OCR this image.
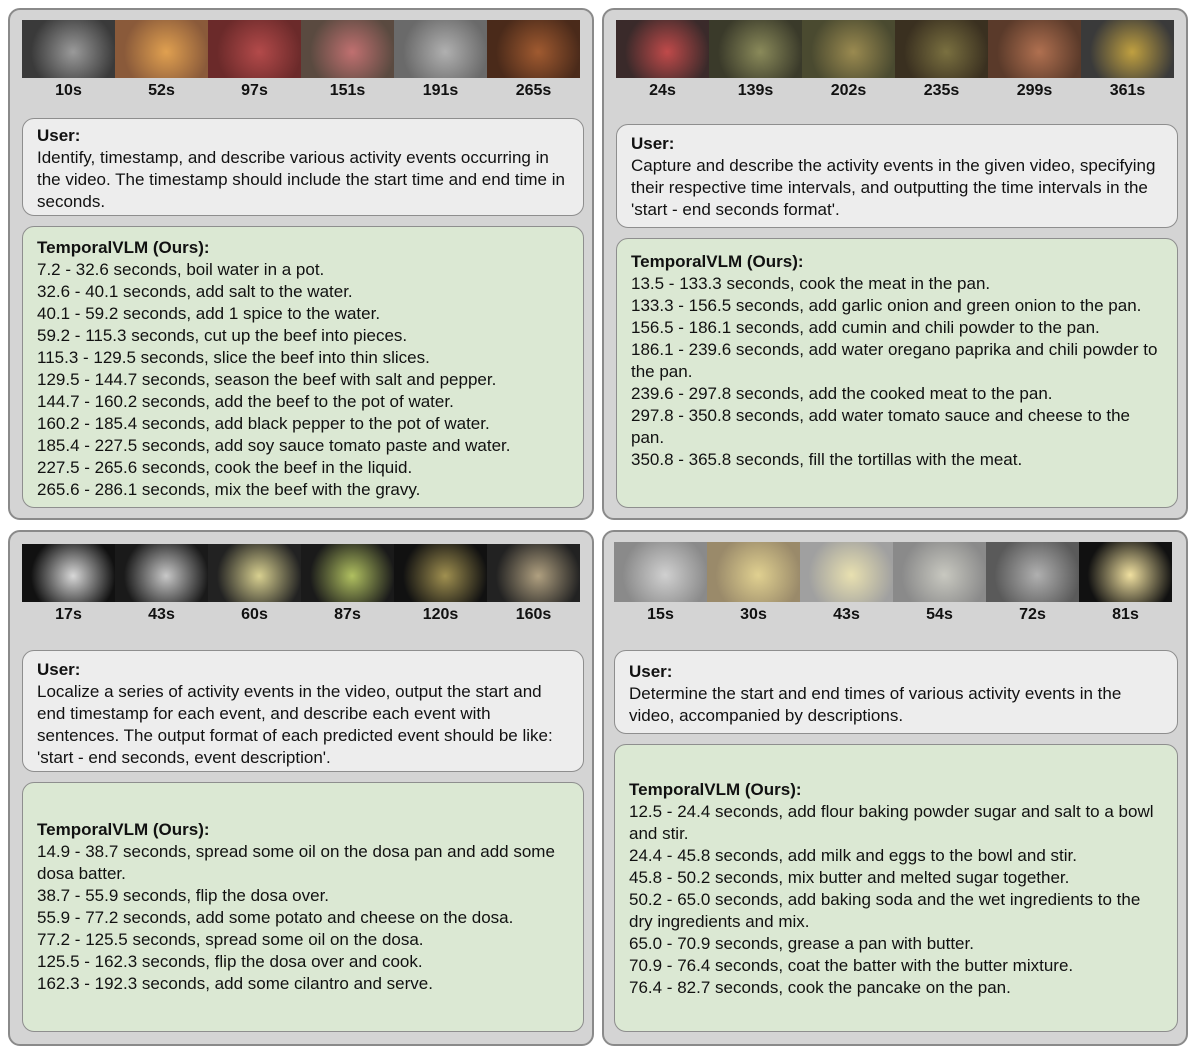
10s	52s	97s	151s	191s	265s
User:
Identify, timestamp, and describe various activity events occurring in the video. The timestamp should include the start time and end time in seconds.
TemporalVLM (Ours):
7.2 - 32.6 seconds, boil water in a pot.
32.6 - 40.1 seconds, add salt to the water.
40.1 - 59.2 seconds, add 1 spice to the water.
59.2 - 115.3 seconds, cut up the beef into pieces.
115.3 - 129.5 seconds, slice the beef into thin slices.
129.5 - 144.7 seconds, season the beef with salt and pepper.
144.7 - 160.2 seconds, add the beef to the pot of water.
160.2 - 185.4 seconds, add black pepper to the pot of water.
185.4 - 227.5 seconds, add soy sauce tomato paste and water.
227.5 - 265.6 seconds, cook the beef in the liquid.
265.6 - 286.1 seconds, mix the beef with the gravy.
24s	139s	202s	235s	299s	361s
User:
Capture and describe the activity events in the given video, specifying their respective time intervals, and outputting the time intervals in the 'start - end seconds format'.
TemporalVLM (Ours):
13.5 - 133.3 seconds, cook the meat in the pan.
133.3 - 156.5 seconds, add garlic onion and green onion to the pan.
156.5 - 186.1 seconds, add cumin and chili powder to the pan.
186.1 - 239.6 seconds, add water oregano paprika and chili powder to the pan.
239.6 - 297.8 seconds, add the cooked meat to the pan.
297.8 - 350.8 seconds, add water tomato sauce and cheese to the pan.
350.8 - 365.8 seconds, fill the tortillas with the meat.
17s	43s	60s	87s	120s	160s
User:
Localize a series of activity events in the video, output the start and end timestamp for each event, and describe each event with sentences. The output format of each predicted event should be like: 'start - end seconds, event description'.
TemporalVLM (Ours):
14.9 - 38.7 seconds, spread some oil on the dosa pan and add some dosa batter.
38.7 - 55.9 seconds, flip the dosa over.
55.9 - 77.2 seconds, add some potato and cheese on the dosa.
77.2 - 125.5 seconds, spread some oil on the dosa.
125.5 - 162.3 seconds, flip the dosa over and cook.
162.3 - 192.3 seconds, add some cilantro and serve.
15s	30s	43s	54s	72s	81s
User:
Determine the start and end times of various activity events in the video, accompanied by descriptions.
TemporalVLM (Ours):
12.5 - 24.4 seconds, add flour baking powder sugar and salt to a bowl and stir.
24.4 - 45.8 seconds, add milk and eggs to the bowl and stir.
45.8 - 50.2 seconds, mix butter and melted sugar together.
50.2 - 65.0 seconds, add baking soda and the wet ingredients to the dry ingredients and mix.
65.0 - 70.9 seconds, grease a pan with butter.
70.9 - 76.4 seconds, coat the batter with the butter mixture.
76.4 - 82.7 seconds, cook the pancake on the pan.
